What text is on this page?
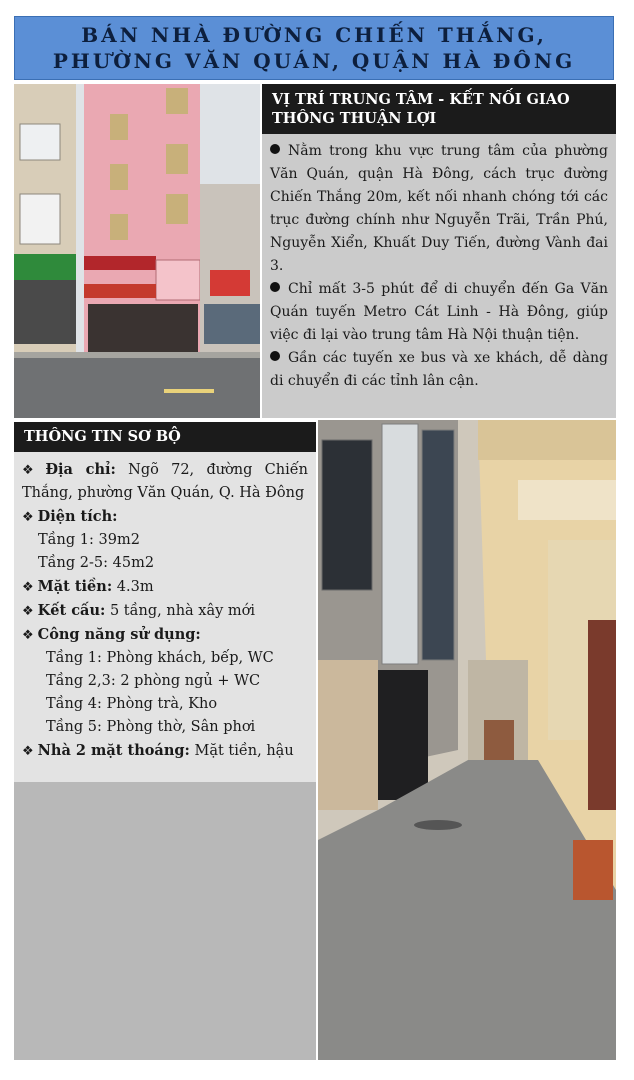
BÁN NHÀ ĐƯỜNG CHIẾN THẮNG,
PHƯỜNG VĂN QUÁN, QUẬN HÀ ĐÔNG
VỊ TRÍ TRUNG TÂM - KẾT NỐI GIAO THÔNG THUẬN LỢI

Nằm trong khu vực trung tâm của phường Văn Quán, quận Hà Đông, cách trục đường Chiến Thắng 20m, kết nối nhanh chóng tới các trục đường chính như Nguyễn Trãi, Trần Phú, Nguyễn Xiển, Khuất Duy Tiến, đường Vành đai 3.

Chỉ mất 3-5 phút để di chuyển đến Ga Văn Quán tuyến Metro Cát Linh - Hà Đông, giúp việc đi lại vào trung tâm Hà Nội thuận tiện.

Gần các tuyến xe bus và xe khách, dễ dàng di chuyển đi các tỉnh lân cận.

THÔNG TIN SƠ BỘ
❖ Địa chỉ: Ngõ 72, đường Chiến Thắng, phường Văn Quán, Q. Hà Đông
❖ Diện tích:
Tầng 1: 39m2
Tầng 2-5: 45m2
❖ Mặt tiền: 4.3m
❖ Kết cấu: 5 tầng, nhà xây mới
❖ Công năng sử dụng:
Tầng 1: Phòng khách, bếp, WC
Tầng 2,3: 2 phòng ngủ + WC
Tầng 4: Phòng trà, Kho
Tầng 5: Phòng thờ, Sân phơi
❖ Nhà 2 mặt thoáng: Mặt tiền, hậu
